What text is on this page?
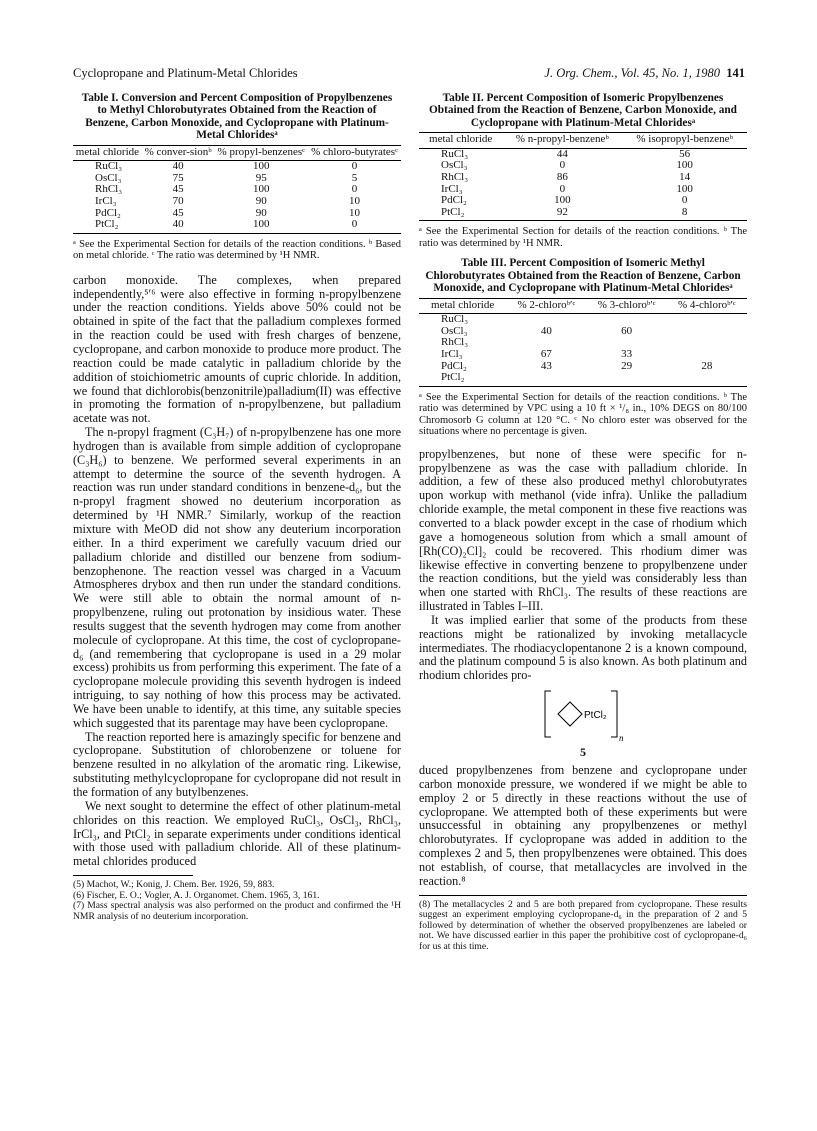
Cyclopropane and Platinum-Metal Chlorides	J. Org. Chem., Vol. 45, No. 1, 1980 141
Table I. Conversion and Percent Composition of Propylbenzenes to Methyl Chlorobutyrates Obtained from the Reaction of Benzene, Carbon Monoxide, and Cyclopropane with Platinum-Metal Chloridesᵃ
metal chloride	% conver-sionᵇ	% propyl-benzenesᶜ	% chloro-butyratesᶜ
RuCl₃	40	100	0
OsCl₃	75	95	5
RhCl₃	45	100	0
IrCl₃	70	90	10
PdCl₂	45	90	10
PtCl₂	40	100	0

ᵃ See the Experimental Section for details of the reaction conditions. ᵇ Based on metal chloride. ᶜ The ratio was determined by ¹H NMR.

carbon monoxide. The complexes, when prepared independently,⁵ʹ⁶ were also effective in forming n-propylbenzene under the reaction conditions. Yields above 50% could not be obtained in spite of the fact that the palladium complexes formed in the reaction could be used with fresh charges of benzene, cyclopropane, and carbon monoxide to produce more product. The reaction could be made catalytic in palladium chloride by the addition of stoichiometric amounts of cupric chloride. In addition, we found that dichlorobis(benzonitrile)palladium(II) was effective in promoting the formation of n-propylbenzene, but palladium acetate was not.

The n-propyl fragment (C₃H₇) of n-propylbenzene has one more hydrogen than is available from simple addition of cyclopropane (C₃H₆) to benzene. We performed several experiments in an attempt to determine the source of the seventh hydrogen. A reaction was run under standard conditions in benzene-d₆, but the n-propyl fragment showed no deuterium incorporation as determined by ¹H NMR.⁷ Similarly, workup of the reaction mixture with MeOD did not show any deuterium incorporation either. In a third experiment we carefully vacuum dried our palladium chloride and distilled our benzene from sodium-benzophenone. The reaction vessel was charged in a Vacuum Atmospheres drybox and then run under the standard conditions. We were still able to obtain the normal amount of n-propylbenzene, ruling out protonation by insidious water. These results suggest that the seventh hydrogen may come from another molecule of cyclopropane. At this time, the cost of cyclopropane-d₆ (and remembering that cyclopropane is used in a 29 molar excess) prohibits us from performing this experiment. The fate of a cyclopropane molecule providing this seventh hydrogen is indeed intriguing, to say nothing of how this process may be activated. We have been unable to identify, at this time, any suitable species which suggested that its parentage may have been cyclopropane.

The reaction reported here is amazingly specific for benzene and cyclopropane. Substitution of chlorobenzene or toluene for benzene resulted in no alkylation of the aromatic ring. Likewise, substituting methylcyclopropane for cyclopropane did not result in the formation of any butylbenzenes.

We next sought to determine the effect of other platinum-metal chlorides on this reaction. We employed RuCl₃, OsCl₃, RhCl₃, IrCl₃, and PtCl₂ in separate experiments under conditions identical with those used with palladium chloride. All of these platinum-metal chlorides produced

(5) Machot, W.; Konig, J. Chem. Ber. 1926, 59, 883.

(6) Fischer, E. O.; Vogler, A. J. Organomet. Chem. 1965, 3, 161.

(7) Mass spectral analysis was also performed on the product and confirmed the ¹H NMR analysis of no deuterium incorporation.

Table II. Percent Composition of Isomeric Propylbenzenes Obtained from the Reaction of Benzene, Carbon Monoxide, and Cyclopropane with Platinum-Metal Chloridesᵃ
metal chloride	% n-propyl-benzeneᵇ	% isopropyl-benzeneᵇ
RuCl₃	44	56
OsCl₃	0	100
RhCl₃	86	14
IrCl₃	0	100
PdCl₂	100	0
PtCl₂	92	8

ᵃ See the Experimental Section for details of the reaction conditions. ᵇ The ratio was determined by ¹H NMR.

Table III. Percent Composition of Isomeric Methyl Chlorobutyrates Obtained from the Reaction of Benzene, Carbon Monoxide, and Cyclopropane with Platinum-Metal Chloridesᵃ
metal chloride	% 2-chloroᵇʹᶜ	% 3-chloroᵇʹᶜ	% 4-chloroᵇʹᶜ
RuCl₃			
OsCl₃	40	60	
RhCl₃			
IrCl₃	67	33	
PdCl₂	43	29	28
PtCl₂			

ᵃ See the Experimental Section for details of the reaction conditions. ᵇ The ratio was determined by VPC using a 10 ft × ¹/₈ in., 10% DEGS on 80/100 Chromosorb G column at 120 °C. ᶜ No chloro ester was observed for the situations where no percentage is given.

propylbenzenes, but none of these were specific for n-propylbenzene as was the case with palladium chloride. In addition, a few of these also produced methyl chlorobutyrates upon workup with methanol (vide infra). Unlike the palladium chloride example, the metal component in these five reactions was converted to a black powder except in the case of rhodium which gave a homogeneous solution from which a small amount of [Rh(CO)₂Cl]₂ could be recovered. This rhodium dimer was likewise effective in converting benzene to propylbenzene under the reaction conditions, but the yield was considerably less than when one started with RhCl₃. The results of these reactions are illustrated in Tables I–III.

It was implied earlier that some of the products from these reactions might be rationalized by invoking metallacycle intermediates. The rhodiacyclopentanone 2 is a known compound, and the platinum compound 5 is also known. As both platinum and rhodium chlorides pro-

PtCl₂
n
5

duced propylbenzenes from benzene and cyclopropane under carbon monoxide pressure, we wondered if we might be able to employ 2 or 5 directly in these reactions without the use of cyclopropane. We attempted both of these experiments but were unsuccessful in obtaining any propylbenzenes or methyl chlorobutyrates. If cyclopropane was added in addition to the complexes 2 and 5, then propylbenzenes were obtained. This does not establish, of course, that metallacycles are involved in the reaction.⁸

(8) The metallacycles 2 and 5 are both prepared from cyclopropane. These results suggest an experiment employing cyclopropane-d₆ in the preparation of 2 and 5 followed by determination of whether the observed propylbenzenes are labeled or not. We have discussed earlier in this paper the prohibitive cost of cyclopropane-d₆ for us at this time.
